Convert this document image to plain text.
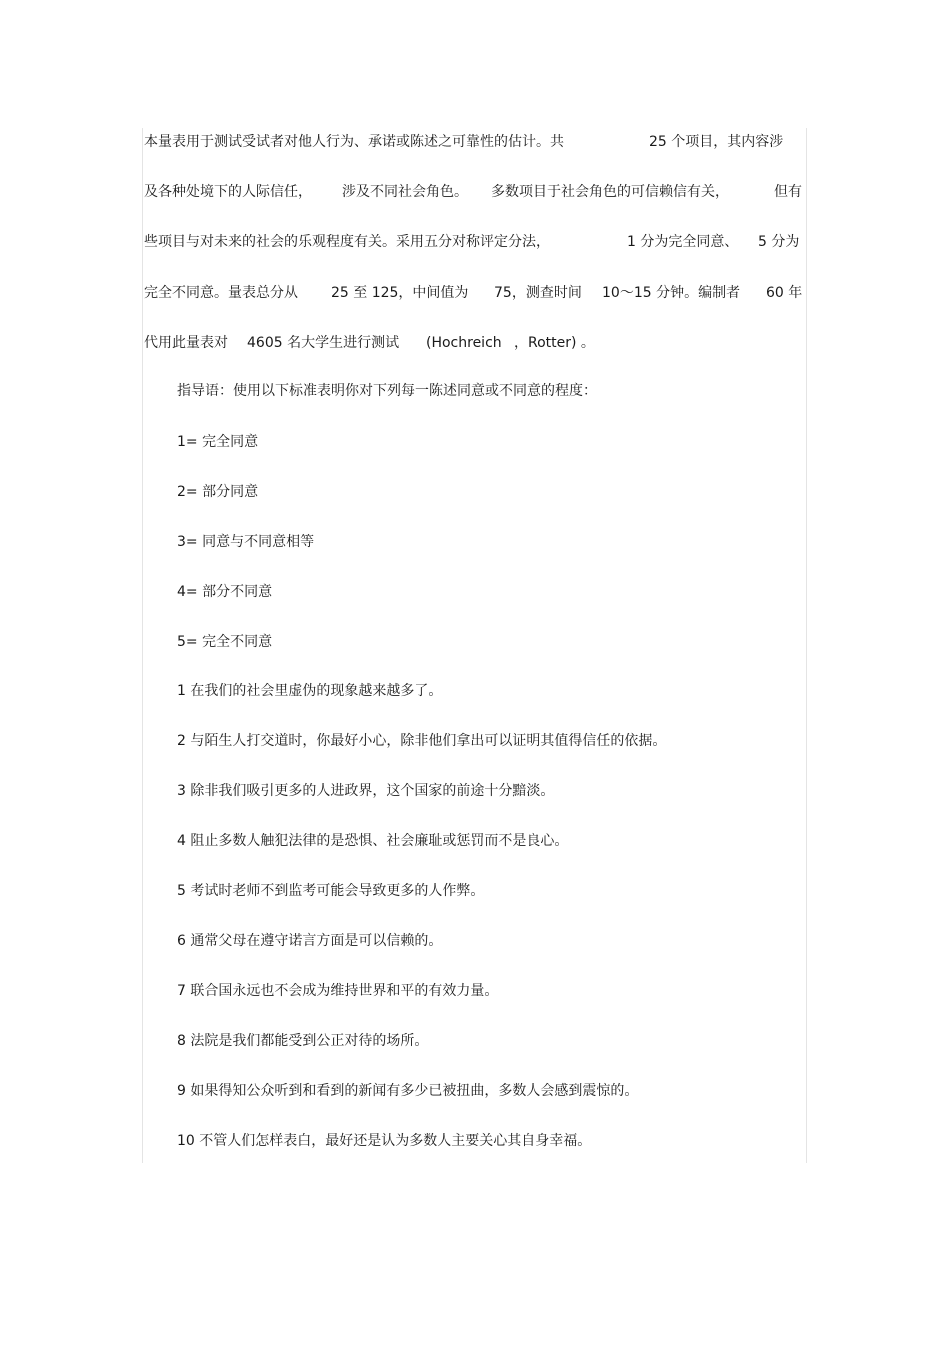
本量表用于测试受试者对他人行为、承诺或陈述之可靠性的估计。共	25 个项目，其内容涉
及各种处境下的人际信任， 涉及不同社会角色。 多数项目于社会角色的可信赖信有关，	但有
些项目与对未来的社会的乐观程度有关。采用五分对称评定分法，	1 分为完全同意、 5 分为
完全不同意。量表总分从 25 至 125，中间值为 75，测查时间 10～15 分钟。编制者 60 年
代用此量表对 4605 名大学生进行测试 (Hochreich ，Rotter) 。
指导语：使用以下标准表明你对下列每一陈述同意或不同意的程度：
1= 完全同意
2= 部分同意
3= 同意与不同意相等
4= 部分不同意
5= 完全不同意
1 在我们的社会里虚伪的现象越来越多了。
2 与陌生人打交道时，你最好小心，除非他们拿出可以证明其值得信任的依据。
3 除非我们吸引更多的人进政界，这个国家的前途十分黯淡。
4 阻止多数人触犯法律的是恐惧、社会廉耻或惩罚而不是良心。
5 考试时老师不到监考可能会导致更多的人作弊。
6 通常父母在遵守诺言方面是可以信赖的。
7 联合国永远也不会成为维持世界和平的有效力量。
8 法院是我们都能受到公正对待的场所。
9 如果得知公众听到和看到的新闻有多少已被扭曲，多数人会感到震惊的。
10 不管人们怎样表白，最好还是认为多数人主要关心其自身幸福。
